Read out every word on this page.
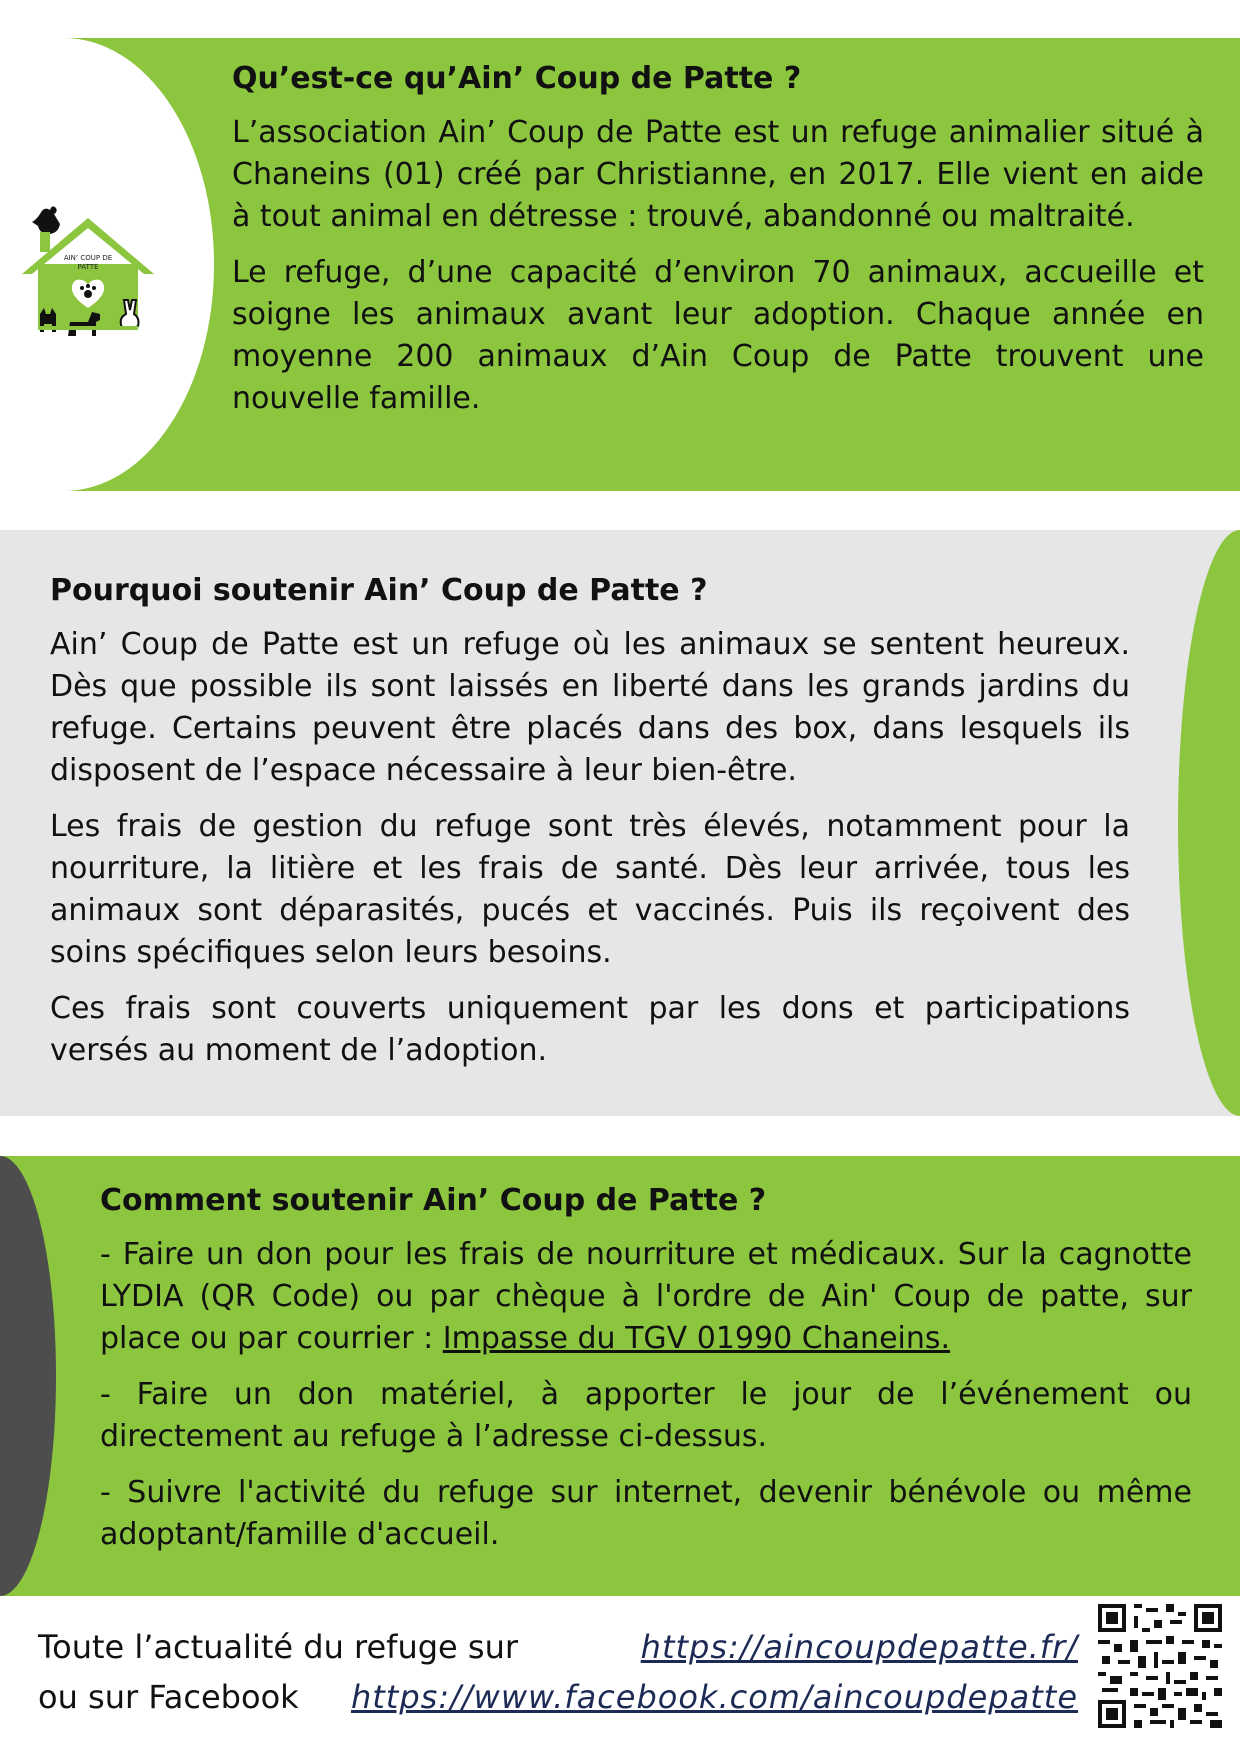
AIN’ COUP DE
PATTE
Qu’est-ce qu’Ain’ Coup de Patte ?

L’association Ain’ Coup de Patte est un refuge animalier situé à Chaneins (01) créé par Christianne, en 2017. Elle vient en aide à tout animal en détresse : trouvé, abandonné ou maltraité.

Le refuge, d’une capacité d’environ 70 animaux, accueille et soigne les animaux avant leur adoption. Chaque année en moyenne 200 animaux d’Ain Coup de Patte trouvent une nouvelle famille.

Pourquoi soutenir Ain’ Coup de Patte ?

Ain’ Coup de Patte est un refuge où les animaux se sentent heureux. Dès que possible ils sont laissés en liberté dans les grands jardins du refuge. Certains peuvent être placés dans des box, dans lesquels ils disposent de l’espace nécessaire à leur bien-être.

Les frais de gestion du refuge sont très élevés, notamment pour la nourriture, la litière et les frais de santé. Dès leur arrivée, tous les animaux sont déparasités, pucés et vaccinés. Puis ils reçoivent des soins spécifiques selon leurs besoins.

Ces frais sont couverts uniquement par les dons et participations versés au moment de l’adoption.

Comment soutenir Ain’ Coup de Patte ?

- Faire un don pour les frais de nourriture et médicaux. Sur la cagnotte LYDIA (QR Code) ou par chèque à l'ordre de Ain' Coup de patte, sur place ou par courrier : Impasse du TGV 01990 Chaneins.

- Faire un don matériel, à apporter le jour de l’événement ou directement au refuge à l’adresse ci-dessus.

- Suivre l'activité du refuge sur internet, devenir bénévole ou même adoptant/famille d'accueil.

Toute l’actualité du refuge sur	https://aincoupdepatte.fr/
ou sur Facebook https://www.facebook.com/aincoupdepatte
